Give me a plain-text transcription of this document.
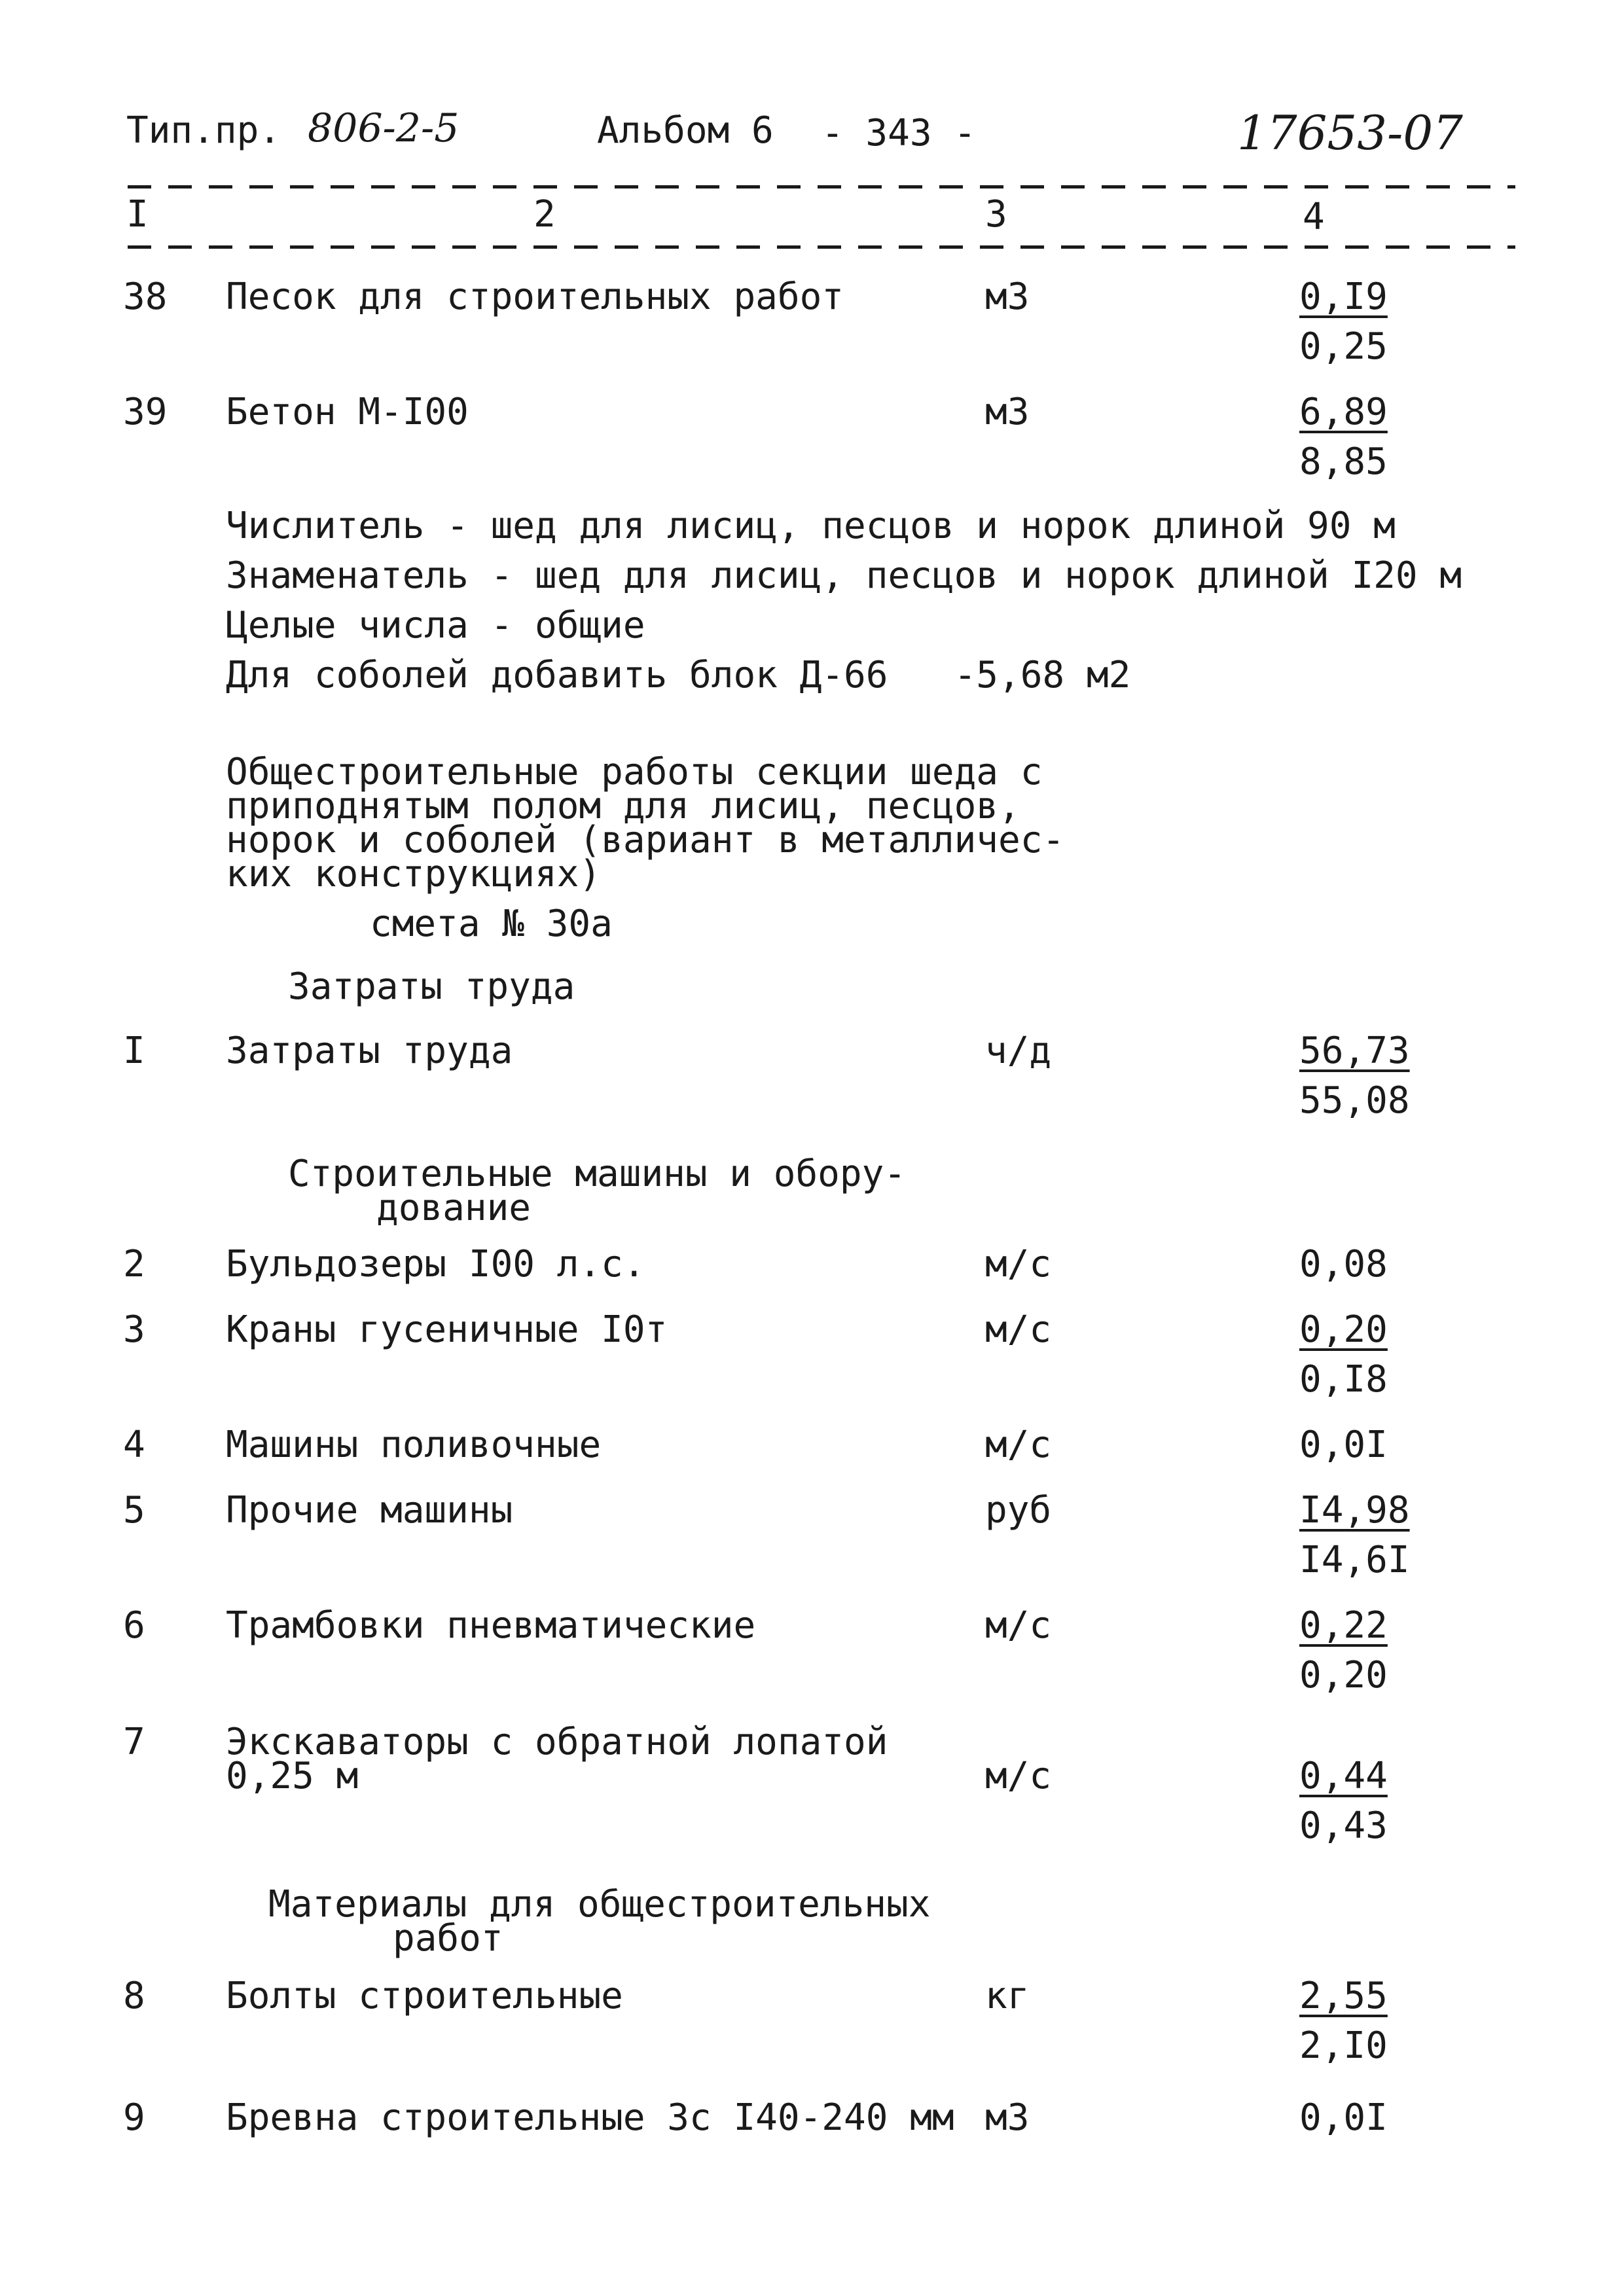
Тип.пр. 806-2-5	Альбом 6 - 343 -	17653-07
I	2	3	4
38 Песок для строительных работ	м3	0,I9
0,25
39 Бетон М-I00	м3	6,89
8,85
Числитель - шед для лисиц, песцов и норок длиной 90 м
Знаменатель - шед для лисиц, песцов и норок длиной I20 м
Целые числа - общие
Для соболей добавить блок Д-66   -5,68 м2
Общестроительные работы секции шеда с
приподнятым полом для лисиц, песцов,
норок и соболей (вариант в металличес-
ких конструкциях)
смета № 30а
Затраты труда
I Затраты труда	ч/д	56,73
55,08
Строительные машины и обору-
дование
2 Бульдозеры I00 л.с.	м/с	0,08
3 Краны гусеничные I0т	м/с	0,20
0,I8
4 Машины поливочные	м/с	0,0I
5 Прочие машины	руб	I4,98
I4,6I
6 Трамбовки пневматические	м/с	0,22
0,20
7 Экскаваторы с обратной лопатой
0,25 м	м/с	0,44
0,43
Материалы для общестроительных
работ
8 Болты строительные	кг	2,55
2,I0
9 Бревна строительные 3с I40-240 мм м3	0,0I
